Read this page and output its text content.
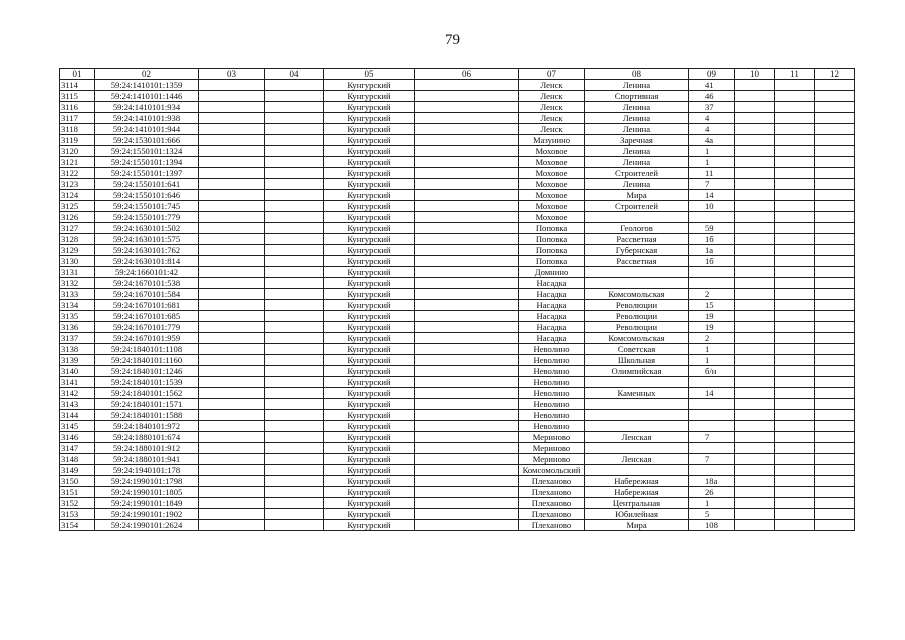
79
01	02	03	04	05	06	07	08	09	10	11	12
3114	59:24:1410101:1359			Кунгурский		Ленск	Ленина	41			
3115	59:24:1410101:1446			Кунгурский		Ленск	Спортивная	46			
3116	59:24:1410101:934			Кунгурский		Ленск	Ленина	37			
3117	59:24:1410101:938			Кунгурский		Ленск	Ленина	4			
3118	59:24:1410101:944			Кунгурский		Ленск	Ленина	4			
3119	59:24:1530101:666			Кунгурский		Мазунино	Заречная	4а			
3120	59:24:1550101:1324			Кунгурский		Моховое	Ленина	1			
3121	59:24:1550101:1394			Кунгурский		Моховое	Ленина	1			
3122	59:24:1550101:1397			Кунгурский		Моховое	Строителей	11			
3123	59:24:1550101:641			Кунгурский		Моховое	Ленина	7			
3124	59:24:1550101:646			Кунгурский		Моховое	Мира	14			
3125	59:24:1550101:745			Кунгурский		Моховое	Строителей	10			
3126	59:24:1550101:779			Кунгурский		Моховое					
3127	59:24:1630101:502			Кунгурский		Поповка	Геологов	59			
3128	59:24:1630101:575			Кунгурский		Поповка	Рассветная	1б			
3129	59:24:1630101:762			Кунгурский		Поповка	Губернская	1а			
3130	59:24:1630101:814			Кунгурский		Поповка	Рассветная	1б			
3131	59:24:1660101:42			Кунгурский		Домнино					
3132	59:24:1670101:538			Кунгурский		Насадка					
3133	59:24:1670101:584			Кунгурский		Насадка	Комсомольская	2			
3134	59:24:1670101:681			Кунгурский		Насадка	Революции	15			
3135	59:24:1670101:685			Кунгурский		Насадка	Революции	19			
3136	59:24:1670101:779			Кунгурский		Насадка	Революции	19			
3137	59:24:1670101:959			Кунгурский		Насадка	Комсомольская	2			
3138	59:24:1840101:1108			Кунгурский		Неволино	Советская	1			
3139	59:24:1840101:1160			Кунгурский		Неволино	Школьная	1			
3140	59:24:1840101:1246			Кунгурский		Неволино	Олимпийская	б/н			
3141	59:24:1840101:1539			Кунгурский		Неволино					
3142	59:24:1840101:1562			Кунгурский		Неволино	Каменных	14			
3143	59:24:1840101:1571			Кунгурский		Неволино					
3144	59:24:1840101:1588			Кунгурский		Неволино					
3145	59:24:1840101:972			Кунгурский		Неволино					
3146	59:24:1880101:674			Кунгурский		Мериново	Ленская	7			
3147	59:24:1880101:912			Кунгурский		Мериново					
3148	59:24:1880101:941			Кунгурский		Мериново	Ленская	7			
3149	59:24:1940101:178			Кунгурский		Комсомольский					
3150	59:24:1990101:1798			Кунгурский		Плеханово	Набережная	18а			
3151	59:24:1990101:1805			Кунгурский		Плеханово	Набережная	26			
3152	59:24:1990101:1849			Кунгурский		Плеханово	Центральная	1			
3153	59:24:1990101:1902			Кунгурский		Плеханово	Юбилейная	5			
3154	59:24:1990101:2624			Кунгурский		Плеханово	Мира	108			
